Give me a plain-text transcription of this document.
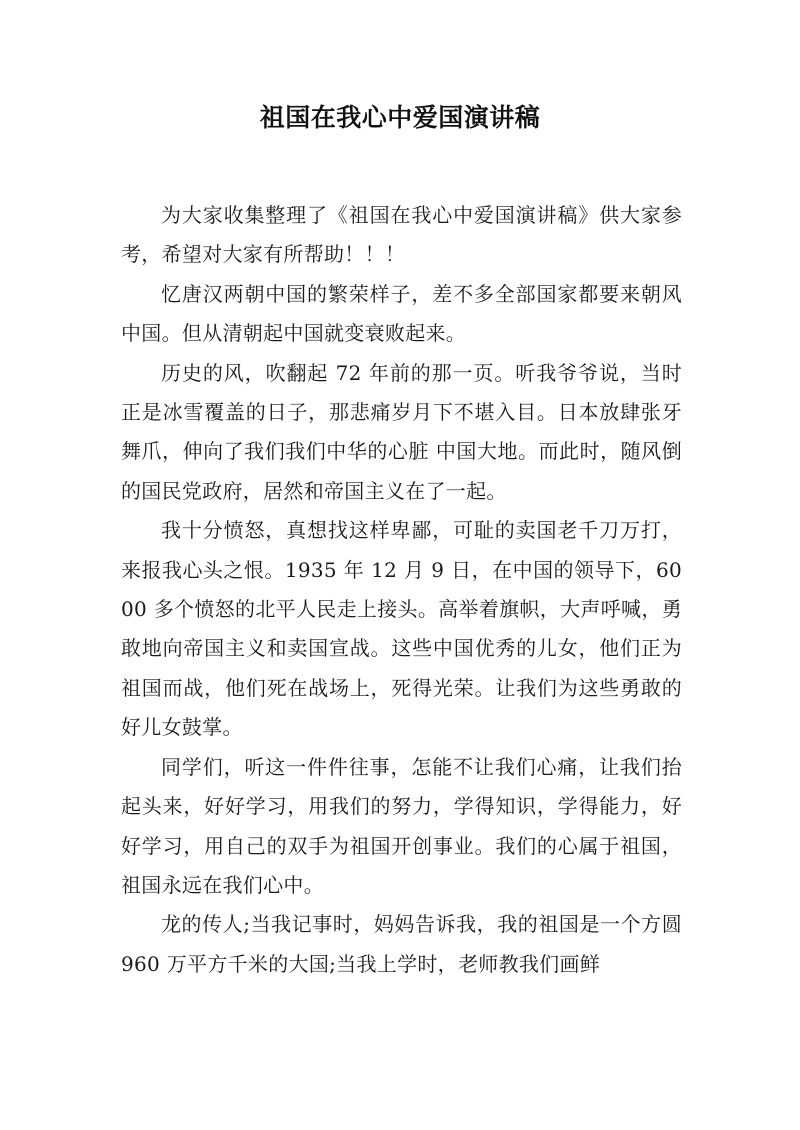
祖国在我心中爱国演讲稿

为大家收集整理了《祖国在我心中爱国演讲稿》供大家参考，希望对大家有所帮助！！！

忆唐汉两朝中国的繁荣样子，差不多全部国家都要来朝风中国。但从清朝起中国就变衰败起来。

历史的风，吹翻起 72 年前的那一页。听我爷爷说，当时正是冰雪覆盖的日子，那悲痛岁月下不堪入目。日本放肆张牙舞爪，伸向了我们我们中华的心脏 中国大地。而此时，随风倒的国民党政府，居然和帝国主义在了一起。

我十分愤怒，真想找这样卑鄙，可耻的卖国老千刀万打，来报我心头之恨。1935 年 12 月 9 日，在中国的领导下，6000 多个愤怒的北平人民走上接头。高举着旗帜，大声呼喊，勇敢地向帝国主义和卖国宣战。这些中国优秀的儿女，他们正为祖国而战，他们死在战场上，死得光荣。让我们为这些勇敢的好儿女鼓掌。

同学们，听这一件件往事，怎能不让我们心痛，让我们抬起头来，好好学习，用我们的努力，学得知识，学得能力，好好学习，用自己的双手为祖国开创事业。我们的心属于祖国，祖国永远在我们心中。

龙的传人;当我记事时，妈妈告诉我，我的祖国是一个方圆 960 万平方千米的大国;当我上学时，老师教我们画鲜
